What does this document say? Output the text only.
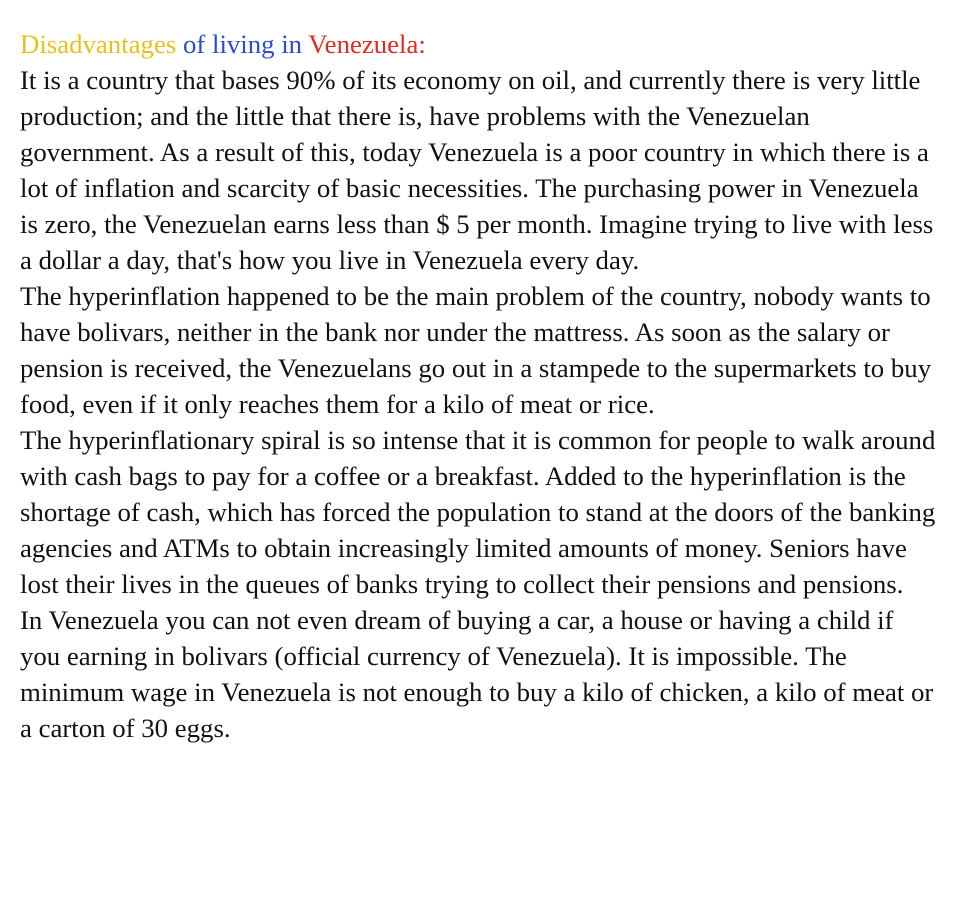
Disadvantages of living in Venezuela:

It is a country that bases 90% of its economy on oil, and currently there is very little production; and the little that there is, have problems with the Venezuelan government. As a result of this, today Venezuela is a poor country in which there is a lot of inflation and scarcity of basic necessities. The purchasing power in Venezuela is zero, the Venezuelan earns less than $ 5 per month. Imagine trying to live with less a dollar a day, that's how you live in Venezuela every day.

The hyperinflation happened to be the main problem of the country, nobody wants to have bolivars, neither in the bank nor under the mattress. As soon as the salary or pension is received, the Venezuelans go out in a stampede to the supermarkets to buy food, even if it only reaches them for a kilo of meat or rice.

The hyperinflationary spiral is so intense that it is common for people to walk around with cash bags to pay for a coffee or a breakfast. Added to the hyperinflation is the shortage of cash, which has forced the population to stand at the doors of the banking agencies and ATMs to obtain increasingly limited amounts of money. Seniors have lost their lives in the queues of banks trying to collect their pensions and pensions.

In Venezuela you can not even dream of buying a car, a house or having a child if you earning in bolivars (official currency of Venezuela). It is impossible. The minimum wage in Venezuela is not enough to buy a kilo of chicken, a kilo of meat or a carton of 30 eggs.
